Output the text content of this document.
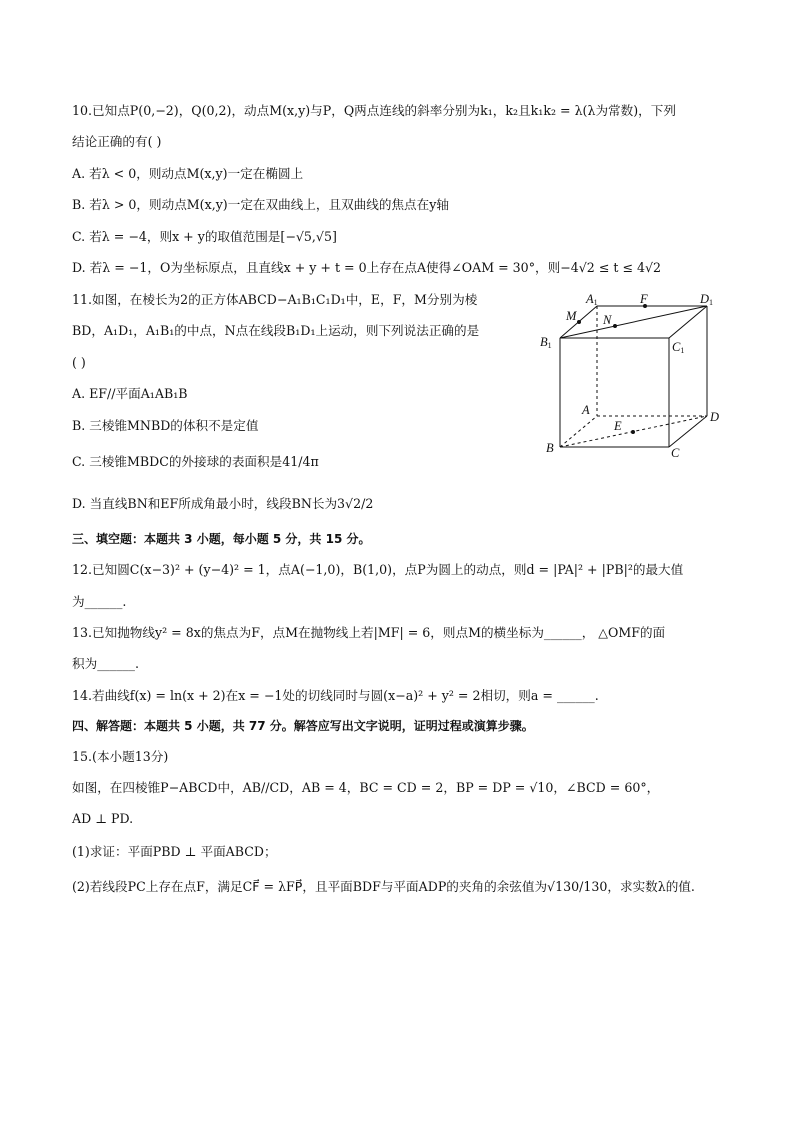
10.已知点P(0,−2)，Q(0,2)，动点M(x,y)与P，Q两点连线的斜率分别为k₁，k₂且k₁k₂ = λ(λ为常数)，下列
结论正确的有( )
A. 若λ < 0，则动点M(x,y)一定在椭圆上
B. 若λ > 0，则动点M(x,y)一定在双曲线上，且双曲线的焦点在y轴
C. 若λ = −4，则x + y的取值范围是[−√5,√5]
D. 若λ = −1，O为坐标原点，且直线x + y + t = 0上存在点A使得∠OAM = 30°，则−4√2 ≤ t ≤ 4√2
11.如图，在棱长为2的正方体ABCD−A₁B₁C₁D₁中，E，F，M分别为棱
BD，A₁D₁，A₁B₁的中点，N点在线段B₁D₁上运动，则下列说法正确的是
( )
A. EF//平面A₁AB₁B
B. 三棱锥MNBD的体积不是定值
C. 三棱锥MBDC的外接球的表面积是41/4π
D. 当直线BN和EF所成角最小时，线段BN长为3√2/2
三、填空题：本题共 3 小题，每小题 5 分，共 15 分。
12.已知圆C(x−3)² + (y−4)² = 1，点A(−1,0)，B(1,0)，点P为圆上的动点，则d = |PA|² + |PB|²的最大值
为______.
13.已知抛物线y² = 8x的焦点为F，点M在抛物线上若|MF| = 6，则点M的横坐标为______， △OMF的面
积为______.
14.若曲线f(x) = ln(x + 2)在x = −1处的切线同时与圆(x−a)² + y² = 2相切，则a = ______.
四、解答题：本题共 5 小题，共 77 分。解答应写出文字说明，证明过程或演算步骤。
15.(本小题13分)
如图，在四棱锥P−ABCD中，AB//CD，AB = 4，BC = CD = 2，BP = DP = √10，∠BCD = 60°，
AD ⊥ PD.
(1)求证：平面PBD ⊥ 平面ABCD；
(2)若线段PC上存在点F，满足CF⃗ = λFP⃗，且平面BDF与平面ADP的夹角的余弦值为√130/130，求实数λ的值.
A1	F	D1
M N
B1	C1
A
E
D
B	C
